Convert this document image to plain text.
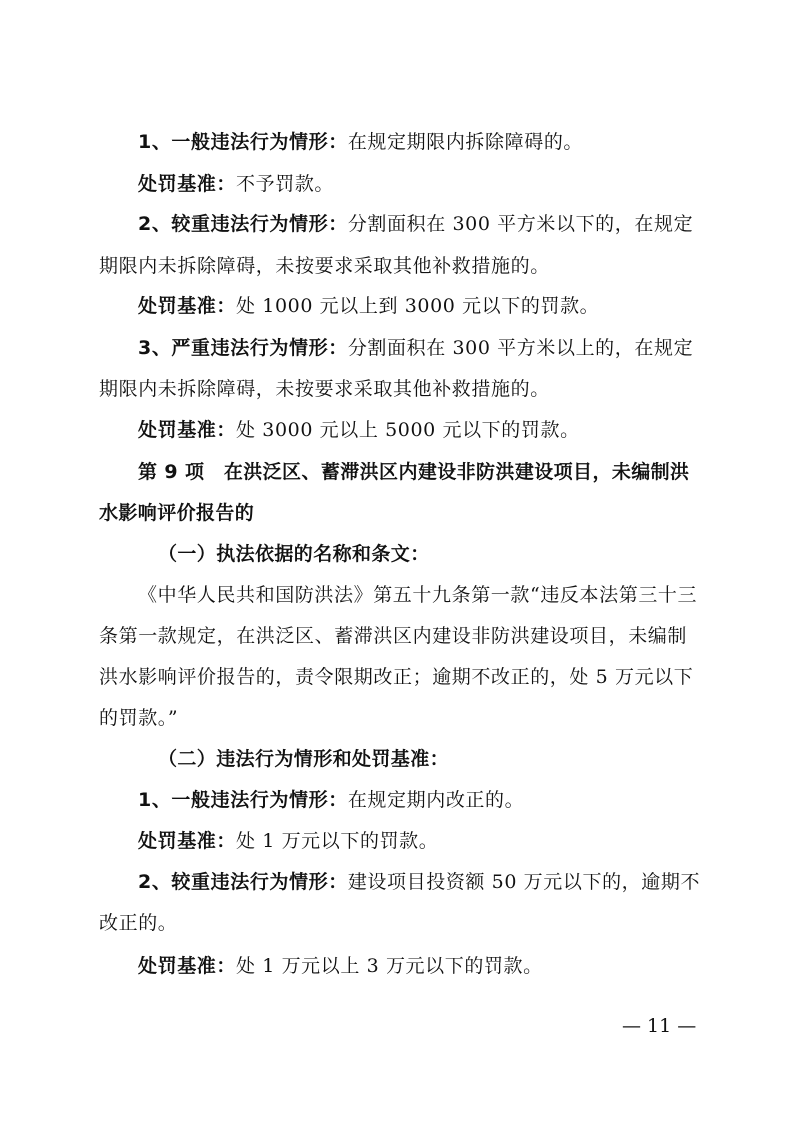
1、一般违法行为情形：在规定期限内拆除障碍的。
处罚基准：不予罚款。
2、较重违法行为情形：分割面积在 300 平方米以下的，在规定
期限内未拆除障碍，未按要求采取其他补救措施的。
处罚基准：处 1000 元以上到 3000 元以下的罚款。
3、严重违法行为情形：分割面积在 300 平方米以上的，在规定
期限内未拆除障碍，未按要求采取其他补救措施的。
处罚基准：处 3000 元以上 5000 元以下的罚款。
第 9 项　在洪泛区、蓄滞洪区内建设非防洪建设项目，未编制洪
水影响评价报告的
（一）执法依据的名称和条文：
《中华人民共和国防洪法》第五十九条第一款“违反本法第三十三
条第一款规定，在洪泛区、蓄滞洪区内建设非防洪建设项目，未编制
洪水影响评价报告的，责令限期改正；逾期不改正的，处 5 万元以下
的罚款。”
（二）违法行为情形和处罚基准：
1、一般违法行为情形：在规定期内改正的。
处罚基准：处 1 万元以下的罚款。
2、较重违法行为情形：建设项目投资额 50 万元以下的，逾期不
改正的。
处罚基准：处 1 万元以上 3 万元以下的罚款。
— 11 —
